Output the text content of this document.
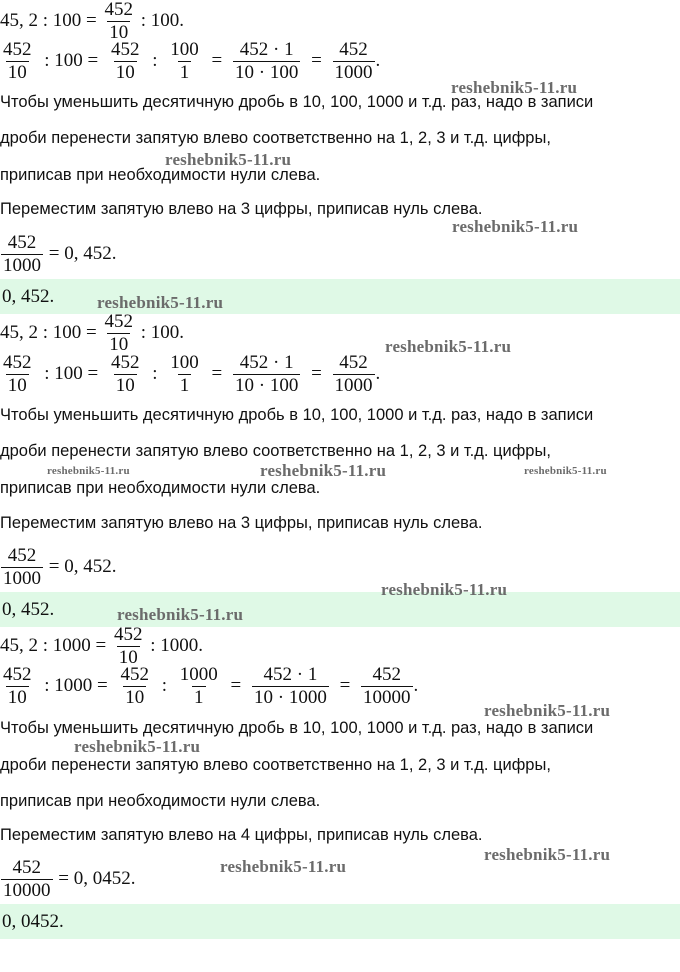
45, 2 : $100 = \frac{452}{10}$ : 100.
$\frac{452}{10}$ : $100 = \frac{452}{10}$ : $\frac{100}{1} = \frac{452 \cdot 1}{10 \cdot 100} = \frac{452}{1000}$ .
Чтобы уменьшить десятичную дробь в 10, 100, 1000 и т.д. раз, надо в записи
дроби перенести запятую влево соответственно на 1, 2, 3 и т.д. цифры,
приписав при необходимости нули слева.
Переместим запятую влево на 3 цифры, приписав нуль слева.
$\frac{452}{1000} = 0$, 452.
0, 452.
45, 2 : $100 = \frac{452}{10}$ : 100.
$\frac{452}{10}$ : $100 = \frac{452}{10}$ : $\frac{100}{1} = \frac{452 \cdot 1}{10 \cdot 100} = \frac{452}{1000}$ .
Чтобы уменьшить десятичную дробь в 10, 100, 1000 и т.д. раз, надо в записи
дроби перенести запятую влево соответственно на 1, 2, 3 и т.д. цифры,
приписав при необходимости нули слева.
Переместим запятую влево на 3 цифры, приписав нуль слева.
$\frac{452}{1000} = 0$, 452.
0, 452.
45, 2 : $1000 = \frac{452}{10}$ : 1000.
$\frac{452}{10}$ : $1000 = \frac{452}{10}$ : $\frac{1000}{1} = \frac{452 \cdot 1}{10 \cdot 1000} = \frac{452}{10000}$ .
Чтобы уменьшить десятичную дробь в 10, 100, 1000 и т.д. раз, надо в записи
дроби перенести запятую влево соответственно на 1, 2, 3 и т.д. цифры,
приписав при необходимости нули слева.
Переместим запятую влево на 4 цифры, приписав нуль слева.
$\frac{452}{10000} = 0$, 0452.
0, 0452.
reshebnik5-11.ru
reshebnik5-11.ru
reshebnik5-11.ru
reshebnik5-11.ru
reshebnik5-11.ru
reshebnik5-11.ru	reshebnik5-11.ru	reshebnik5-11.ru
reshebnik5-11.ru
reshebnik5-11.ru
reshebnik5-11.ru
reshebnik5-11.ru
reshebnik5-11.ru
reshebnik5-11.ru
